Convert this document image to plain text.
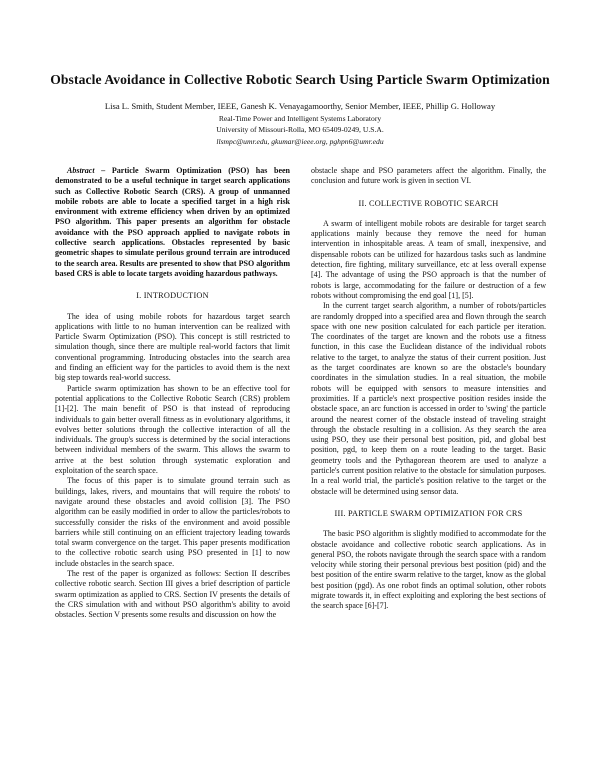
Obstacle Avoidance in Collective Robotic Search Using Particle Swarm Optimization
Lisa L. Smith, Student Member, IEEE, Ganesh K. Venayagamoorthy, Senior Member, IEEE, Phillip G. Holloway
Real-Time Power and Intelligent Systems Laboratory
University of Missouri-Rolla, MO 65409-0249, U.S.A.
llsmpc@umr.edu, gkumar@ieee.org, pghpn6@umr.edu

Abstract – Particle Swarm Optimization (PSO) has been demonstrated to be a useful technique in target search applications such as Collective Robotic Search (CRS). A group of unmanned mobile robots are able to locate a specified target in a high risk environment with extreme efficiency when driven by an optimized PSO algorithm. This paper presents an algorithm for obstacle avoidance with the PSO approach applied to navigate robots in collective search applications. Obstacles represented by basic geometric shapes to simulate perilous ground terrain are introduced to the search area. Results are presented to show that PSO algorithm based CRS is able to locate targets avoiding hazardous pathways.

I. INTRODUCTION

The idea of using mobile robots for hazardous target search applications with little to no human intervention can be realized with Particle Swarm Optimization (PSO). This concept is still restricted to simulation though, since there are multiple real-world factors that limit conventional programming. Introducing obstacles into the search area and finding an efficient way for the particles to avoid them is the next big step towards real-world success.

Particle swarm optimization has shown to be an effective tool for potential applications to the Collective Robotic Search (CRS) problem [1]-[2]. The main benefit of PSO is that instead of reproducing individuals to gain better overall fitness as in evolutionary algorithms, it evolves better solutions through the collective interaction of all the individuals. The group's success is determined by the social interactions between individual members of the swarm. This allows the swarm to arrive at the best solution through systematic exploration and exploitation of the search space.

The focus of this paper is to simulate ground terrain such as buildings, lakes, rivers, and mountains that will require the robots' to navigate around these obstacles and avoid collision [3]. The PSO algorithm can be easily modified in order to allow the particles/robots to successfully consider the risks of the environment and avoid possible barriers while still continuing on an efficient trajectory leading towards total swarm convergence on the target. This paper presents modification to the collective robotic search using PSO presented in [1] to now include obstacles in the search space.

The rest of the paper is organized as follows: Section II describes collective robotic search. Section III gives a brief description of particle swarm optimization as applied to CRS. Section IV presents the details of the CRS simulation with and without PSO algorithm's ability to avoid obstacles. Section V presents some results and discussion on how the

obstacle shape and PSO parameters affect the algorithm. Finally, the conclusion and future work is given in section VI.

II. COLLECTIVE ROBOTIC SEARCH

A swarm of intelligent mobile robots are desirable for target search applications mainly because they remove the need for human intervention in inhospitable areas. A team of small, inexpensive, and dispensable robots can be utilized for hazardous tasks such as landmine detection, fire fighting, military surveillance, etc at less overall expense [4]. The advantage of using the PSO approach is that the number of robots is large, accommodating for the failure or destruction of a few robots without compromising the end goal [1], [5].

In the current target search algorithm, a number of robots/particles are randomly dropped into a specified area and flown through the search space with one new position calculated for each particle per iteration. The coordinates of the target are known and the robots use a fitness function, in this case the Euclidean distance of the individual robots relative to the target, to analyze the status of their current position. Just as the target coordinates are known so are the obstacle's boundary coordinates in the simulation studies. In a real situation, the mobile robots will be equipped with sensors to measure intensities and proximities. If a particle's next prospective position resides inside the obstacle space, an arc function is accessed in order to 'swing' the particle around the nearest corner of the obstacle instead of traveling straight through the obstacle resulting in a collision. As they search the area using PSO, they use their personal best position, pid, and global best position, pgd, to keep them on a route leading to the target. Basic geometry tools and the Pythagorean theorem are used to analyze a particle's current position relative to the obstacle for simulation purposes. In a real world trial, the particle's position relative to the target or the obstacle will be determined using sensor data.

III. PARTICLE SWARM OPTIMIZATION FOR CRS

The basic PSO algorithm is slightly modified to accommodate for the obstacle avoidance and collective robotic search applications. As in general PSO, the robots navigate through the search space with a random velocity while storing their personal previous best position (pid) and the best position of the entire swarm relative to the target, know as the global best position (pgd). As one robot finds an optimal solution, other robots migrate towards it, in effect exploiting and exploring the best sections of the search space [6]-[7].
